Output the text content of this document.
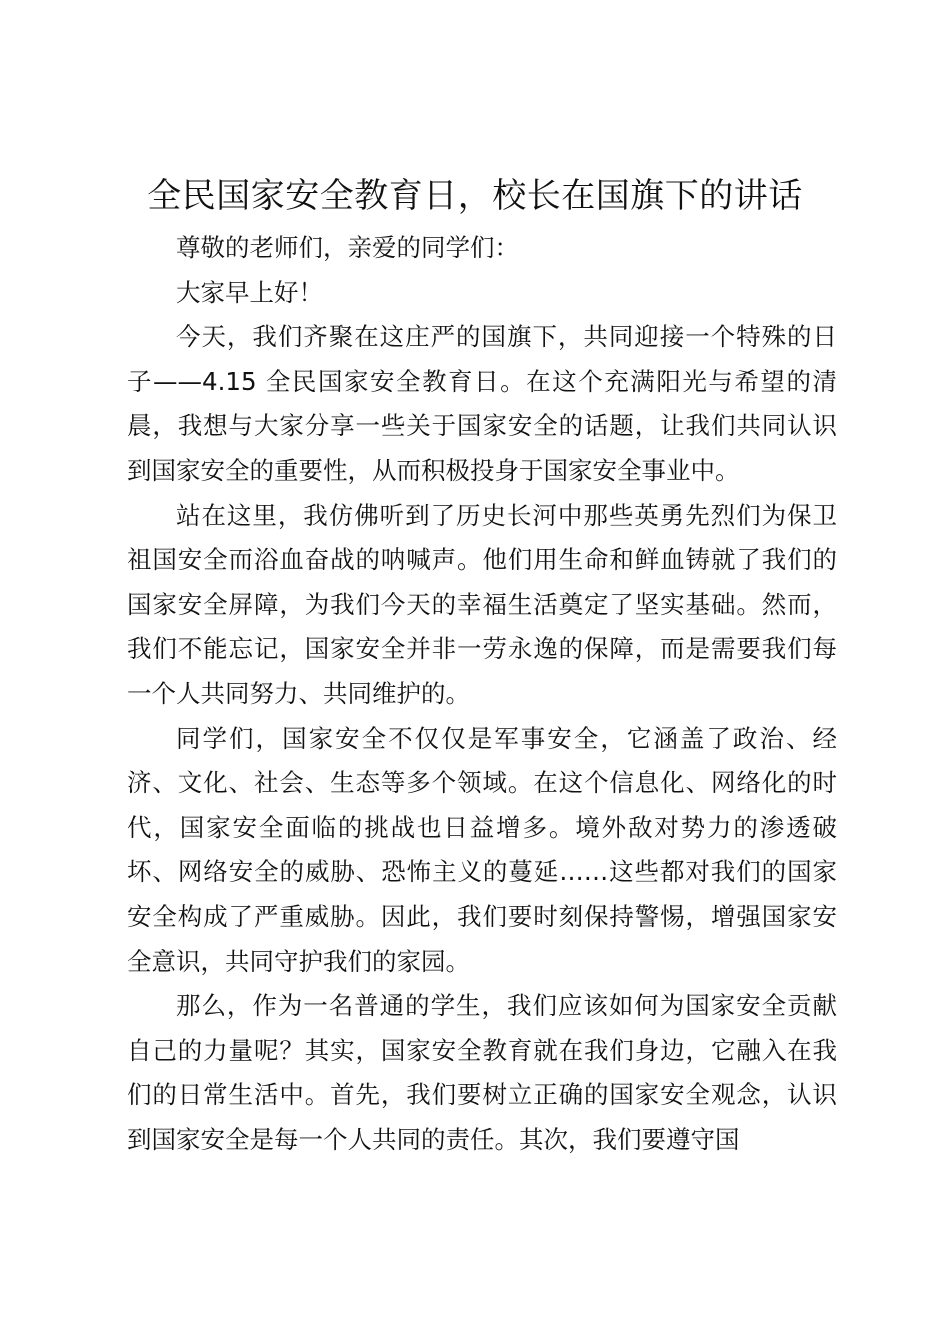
全民国家安全教育日，校长在国旗下的讲话

尊敬的老师们，亲爱的同学们：

大家早上好！

今天，我们齐聚在这庄严的国旗下，共同迎接一个特殊的日子——4.15 全民国家安全教育日。在这个充满阳光与希望的清晨，我想与大家分享一些关于国家安全的话题，让我们共同认识到国家安全的重要性，从而积极投身于国家安全事业中。

站在这里，我仿佛听到了历史长河中那些英勇先烈们为保卫祖国安全而浴血奋战的呐喊声。他们用生命和鲜血铸就了我们的国家安全屏障，为我们今天的幸福生活奠定了坚实基础。然而，我们不能忘记，国家安全并非一劳永逸的保障，而是需要我们每一个人共同努力、共同维护的。

同学们，国家安全不仅仅是军事安全，它涵盖了政治、经济、文化、社会、生态等多个领域。在这个信息化、网络化的时代，国家安全面临的挑战也日益增多。境外敌对势力的渗透破坏、网络安全的威胁、恐怖主义的蔓延……这些都对我们的国家安全构成了严重威胁。因此，我们要时刻保持警惕，增强国家安全意识，共同守护我们的家园。

那么，作为一名普通的学生，我们应该如何为国家安全贡献自己的力量呢？其实，国家安全教育就在我们身边，它融入在我们的日常生活中。首先，我们要树立正确的国家安全观念，认识到国家安全是每一个人共同的责任。其次，我们要遵守国
